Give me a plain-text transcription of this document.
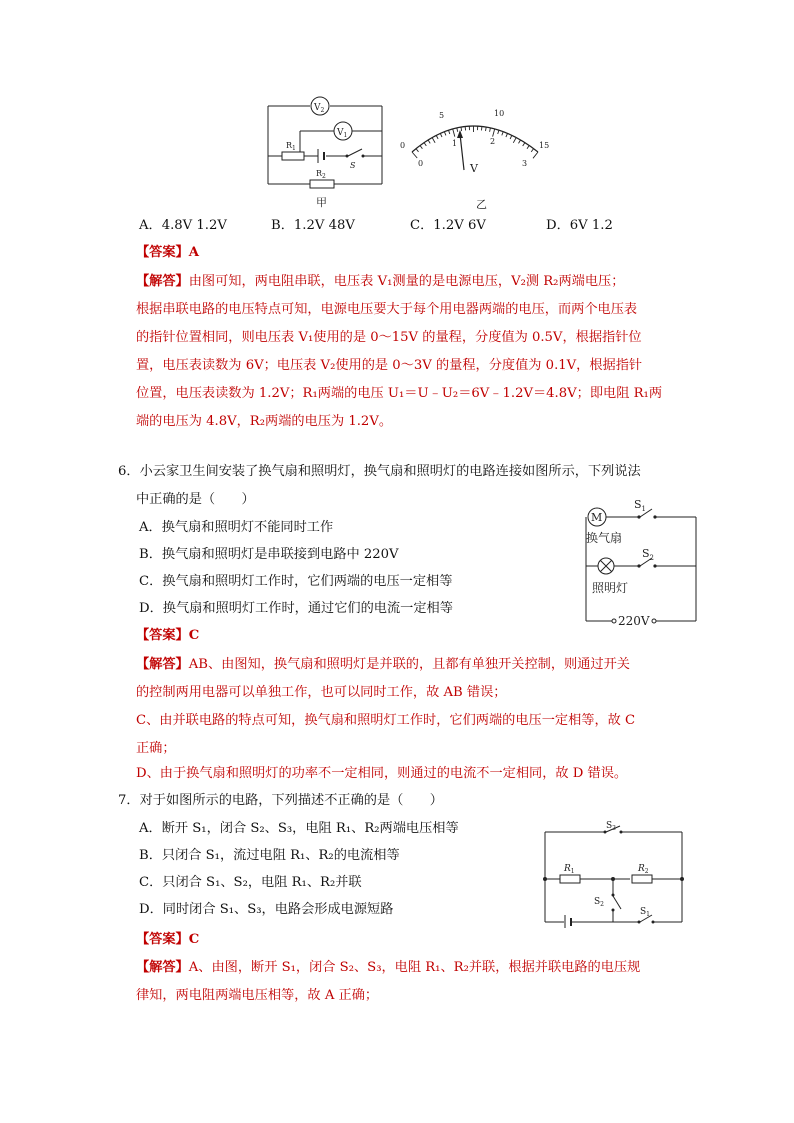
$V_2$
$V_1$
$R_1$
S
$R_2$
甲
0
5	10
15
0
1	2
3
V
乙
A．4.8V 1.2V	B．1.2V 48V	C．1.2V 6V	D．6V 1.2
【答案】A
【解答】由图可知，两电阻串联，电压表 V₁测量的是电源电压，V₂测 R₂两端电压；
根据串联电路的电压特点可知，电源电压要大于每个用电器两端的电压，而两个电压表
的指针位置相同，则电压表 V₁使用的是 0～15V 的量程，分度值为 0.5V，根据指针位
置，电压表读数为 6V；电压表 V₂使用的是 0～3V 的量程，分度值为 0.1V，根据指针
位置，电压表读数为 1.2V；R₁两端的电压 U₁＝U﹣U₂＝6V﹣1.2V＝4.8V；即电阻 R₁两
端的电压为 4.8V，R₂两端的电压为 1.2V。
6．小云家卫生间安装了换气扇和照明灯，换气扇和照明灯的电路连接如图所示，下列说法
中正确的是（　　）
A．换气扇和照明灯不能同时工作
B．换气扇和照明灯是串联接到电路中 220V
C．换气扇和照明灯工作时，它们两端的电压一定相等
D．换气扇和照明灯工作时，通过它们的电流一定相等
M
$S_1$
换气扇
$S_2$
照明灯
220V
【答案】C
【解答】AB、由图知，换气扇和照明灯是并联的，且都有单独开关控制，则通过开关
的控制两用电器可以单独工作，也可以同时工作，故 AB 错误；
C、由并联电路的特点可知，换气扇和照明灯工作时，它们两端的电压一定相等，故 C
正确；
D、由于换气扇和照明灯的功率不一定相同，则通过的电流不一定相同，故 D 错误。
7．对于如图所示的电路，下列描述不正确的是（　　）
A．断开 S₁，闭合 S₂、S₃，电阻 R₁、R₂两端电压相等
B．只闭合 S₁，流过电阻 R₁、R₂的电流相等
C．只闭合 S₁、S₂，电阻 R₁、R₂并联
D．同时闭合 S₁、S₃，电路会形成电源短路
$S_3$
$R_1$	$R_2$
$S_2$
$S_1$
【答案】C
【解答】A、由图，断开 S₁，闭合 S₂、S₃，电阻 R₁、R₂并联，根据并联电路的电压规
律知，两电阻两端电压相等，故 A 正确；
